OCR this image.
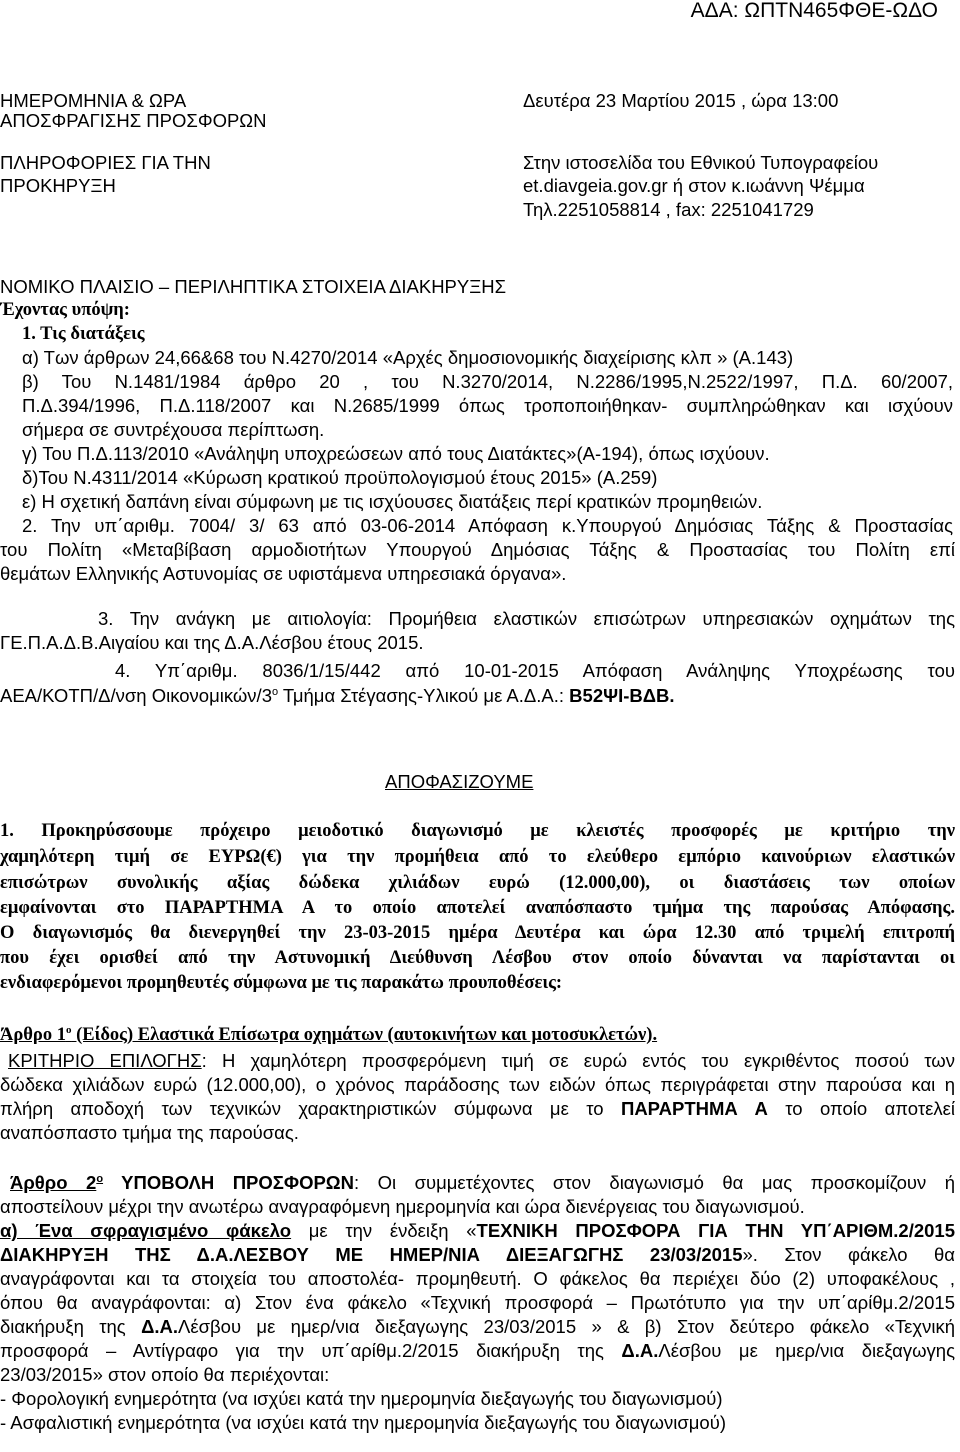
ΑΔΑ: ΩΠΤΝ465ΦΘΕ-ΩΔΟ
ΗΜΕΡΟΜΗΝΙΑ & ΩΡΑ
ΑΠΟΣΦΡΑΓΙΣΗΣ ΠΡΟΣΦΟΡΩΝ
Δευτέρα 23 Μαρτίου 2015 , ώρα 13:00
ΠΛΗΡΟΦΟΡΙΕΣ ΓΙΑ ΤΗΝ
ΠΡΟΚΗΡΥΞΗ
Στην ιστοσελίδα του Εθνικού Τυπογραφείου
et.diavgeia.gov.gr ή στον κ.ιωάννη Ψέμμα
Τηλ.2251058814 , fax: 2251041729
ΝΟΜΙΚΟ ΠΛΑΙΣΙΟ – ΠΕΡΙΛΗΠΤΙΚΑ ΣΤΟΙΧΕΙΑ ΔΙΑΚΗΡΥΞΗΣ
Έχοντας υπόψη:
1. Τις διατάξεις
α) Των άρθρων 24,66&68 του Ν.4270/2014 «Αρχές δημοσιονομικής διαχείρισης κλπ » (Α.143)
β) Του Ν.1481/1984 άρθρο 20 , του Ν.3270/2014, Ν.2286/1995,Ν.2522/1997, Π.Δ. 60/2007,
Π.Δ.394/1996, Π.Δ.118/2007 και Ν.2685/1999 όπως τροποποιήθηκαν- συμπληρώθηκαν και ισχύουν
σήμερα σε συντρέχουσα περίπτωση.
γ) Του Π.Δ.113/2010 «Ανάληψη υποχρεώσεων από τους Διατάκτες»(Α-194), όπως ισχύουν.
δ)Του Ν.4311/2014 «Κύρωση κρατικού προϋπολογισμού έτους 2015» (Α.259)
ε) Η σχετική δαπάνη είναι σύμφωνη με τις ισχύουσες διατάξεις περί κρατικών προμηθειών.
2. Την υπ΄αριθμ. 7004/ 3/ 63 από 03-06-2014 Απόφαση κ.Υπουργού Δημόσιας Τάξης & Προστασίας
του Πολίτη «Μεταβίβαση αρμοδιοτήτων Υπουργού Δημόσιας Τάξης & Προστασίας του Πολίτη επί
θεμάτων Ελληνικής Αστυνομίας σε υφιστάμενα υπηρεσιακά όργανα».
3. Την ανάγκη με αιτιολογία: Προμήθεια ελαστικών επισώτρων υπηρεσιακών οχημάτων της
ΓΕ.Π.Α.Δ.Β.Αιγαίου και της Δ.Α.Λέσβου έτους 2015.
4. Υπ΄αριθμ. 8036/1/15/442 από 10-01-2015 Απόφαση Ανάληψης Υποχρέωσης του
ΑΕΑ/ΚΟΤΠ/Δ/νση Οικονομικών/$3^o$ Τμήμα Στέγασης-Υλικού με Α.Δ.Α.: Β52ΨΙ-ΒΔΒ.
ΑΠΟΦΑΣΙΖΟΥΜΕ
1. Προκηρύσσουμε πρόχειρο μειοδοτικό διαγωνισμό με κλειστές προσφορές με κριτήριο την
χαμηλότερη τιμή σε ΕΥΡΩ(€) για την προμήθεια από το ελεύθερο εμπόριο καινούριων ελαστικών
επισώτρων συνολικής αξίας δώδεκα χιλιάδων ευρώ (12.000,00), οι διαστάσεις των οποίων
εμφαίνονται στο ΠΑΡΑΡΤΗΜΑ Α το οποίο αποτελεί αναπόσπαστο τμήμα της παρούσας Απόφασης.
Ο διαγωνισμός θα διενεργηθεί την 23-03-2015 ημέρα Δευτέρα και ώρα 12.30 από τριμελή επιτροπή
που έχει ορισθεί από την Αστυνομική Διεύθυνση Λέσβου στον οποίο δύνανται να παρίστανται οι
ενδιαφερόμενοι προμηθευτές σύμφωνα με τις παρακάτω προυποθέσεις:
Άρθρο $1^o$ (Είδος) Ελαστικά Επίσωτρα οχημάτων (αυτοκινήτων και μοτοσυκλετών).
ΚΡΙΤΗΡΙΟ ΕΠΙΛΟΓΗΣ: Η χαμηλότερη προσφερόμενη τιμή σε ευρώ εντός του εγκριθέντος ποσού των
δώδεκα χιλιάδων ευρώ (12.000,00), ο χρόνος παράδοσης των ειδών όπως περιγράφεται στην παρούσα και η
πλήρη αποδοχή των τεχνικών χαρακτηριστικών σύμφωνα με το ΠΑΡΑΡΤΗΜΑ Α το οποίο αποτελεί
αναπόσπαστο τμήμα της παρούσας.
Άρθρο $2^o$ ΥΠΟΒΟΛΗ ΠΡΟΣΦΟΡΩΝ: Οι συμμετέχοντες στον διαγωνισμό θα μας προσκομίζουν ή
αποστείλουν μέχρι την ανωτέρω αναγραφόμενη ημερομηνία και ώρα διενέργειας του διαγωνισμού.
α) Ένα σφραγισμένο φάκελο με την ένδειξη «ΤΕΧΝΙΚΗ ΠΡΟΣΦΟΡΑ ΓΙΑ ΤΗΝ ΥΠ΄ΑΡΙΘΜ.2/2015
ΔΙΑΚΗΡΥΞΗ ΤΗΣ Δ.Α.ΛΕΣΒΟΥ ΜΕ ΗΜΕΡ/ΝΙΑ ΔΙΕΞΑΓΩΓΗΣ 23/03/2015». Στον φάκελο θα
αναγράφονται και τα στοιχεία του αποστολέα- προμηθευτή. Ο φάκελος θα περιέχει δύο (2) υποφακέλους ,
όπου θα αναγράφονται: α) Στον ένα φάκελο «Τεχνική προσφορά – Πρωτότυπο για την υπ΄αρίθμ.2/2015
διακήρυξη της Δ.Α.Λέσβου με ημερ/νια διεξαγωγης 23/03/2015 » & β) Στον δεύτερο φάκελο «Τεχνική
προσφορά – Αντίγραφο για την υπ΄αρίθμ.2/2015 διακήρυξη της Δ.Α.Λέσβου με ημερ/νια διεξαγωγης
23/03/2015» στον οποίο θα περιέχονται:
- Φορολογική ενημερότητα (να ισχύει κατά την ημερομηνία διεξαγωγής του διαγωνισμού)
- Ασφαλιστική ενημερότητα (να ισχύει κατά την ημερομηνία διεξαγωγής του διαγωνισμού)
